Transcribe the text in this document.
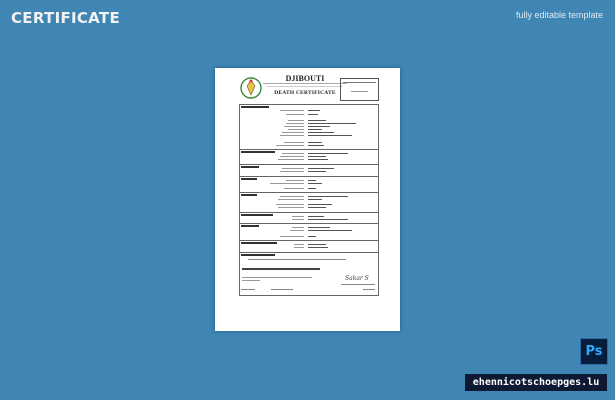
CERTIFICATE	fully editable template
DJIBOUTI
DEATH CERTIFICATE
Sakar S
Ps
ehennicotschoepges.lu
